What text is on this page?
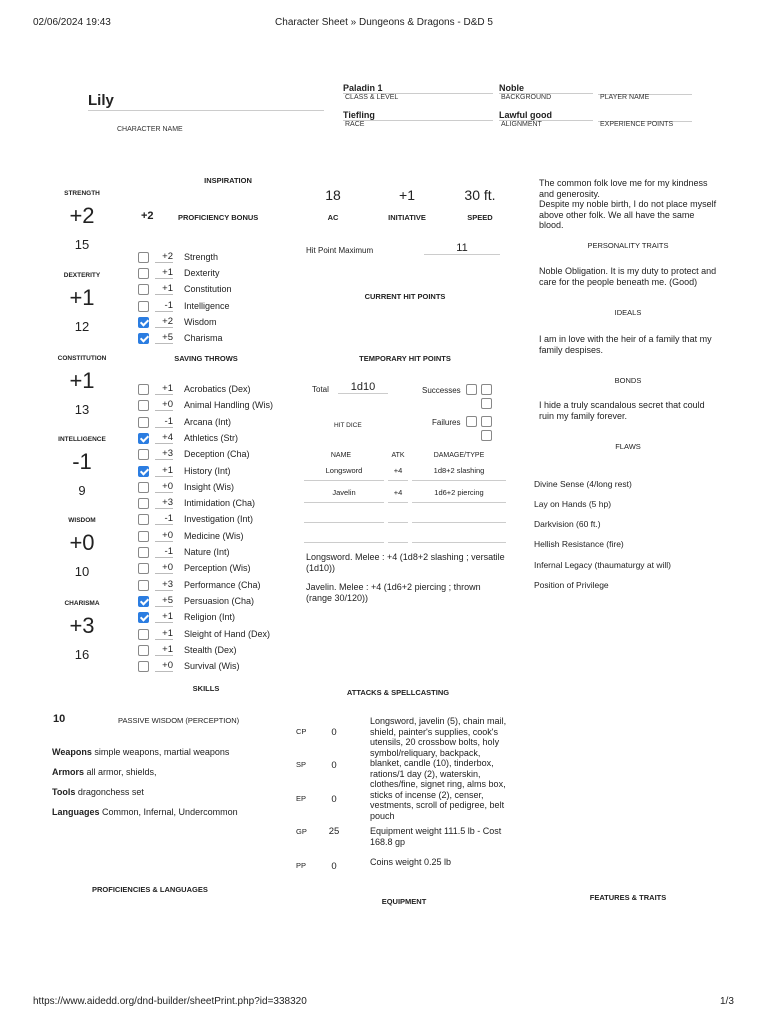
02/06/2024 19:43	Character Sheet » Dungeons & Dragons - D&D 5
https://www.aidedd.org/dnd-builder/sheetPrint.php?id=338320	1/3
Lily
CHARACTER NAME
Paladin 1
CLASS & LEVEL
Noble
BACKGROUND	PLAYER NAME
Tiefling
RACE
Lawful good
ALIGNMENT	EXPERIENCE POINTS
STRENGTH
+2
15
DEXTERITY
+1
12
CONSTITUTION
+1
13
INTELLIGENCE
-1
9
WISDOM
+0
10
CHARISMA
+3
16
INSPIRATION
+2	PROFICIENCY BONUS
+2 Strength
+1 Dexterity
+1 Constitution
-1 Intelligence
+2 Wisdom
+5 Charisma
SAVING THROWS
+1 Acrobatics (Dex)
+0 Animal Handling (Wis)
-1 Arcana (Int)
+4 Athletics (Str)
+3 Deception (Cha)
+1 History (Int)
+0 Insight (Wis)
+3 Intimidation (Cha)
-1 Investigation (Int)
+0 Medicine (Wis)
-1 Nature (Int)
+0 Perception (Wis)
+3 Performance (Cha)
+5 Persuasion (Cha)
+1 Religion (Int)
+1 Sleight of Hand (Dex)
+1 Stealth (Dex)
+0 Survival (Wis)
SKILLS
10	PASSIVE WISDOM (PERCEPTION)
Weapons simple weapons, martial weapons
Armors all armor, shields,
Tools dragonchess set
Languages Common, Infernal, Undercommon
PROFICIENCIES & LANGUAGES
18
AC
+1
INITIATIVE
30 ft.
SPEED
Hit Point Maximum	11
CURRENT HIT POINTS
TEMPORARY HIT POINTS
Total	1d10
HIT DICE
Successes
Failures
NAME	ATK	DAMAGE/TYPE
Longsword	+4	1d8+2 slashing
Javelin	+4	1d6+2 piercing
Longsword. Melee : +4 (1d8+2 slashing ; versatile (1d10))
Javelin. Melee : +4 (1d6+2 piercing ; thrown (range 30/120))
ATTACKS & SPELLCASTING
CP	0
SP	0
EP	0
GP	25
PP	0
Longsword, javelin (5), chain mail, shield, painter's supplies, cook's utensils, 20 crossbow bolts, holy symbol/reliquary, backpack, blanket, candle (10), tinderbox, rations/1 day (2), waterskin, clothes/fine, signet ring, alms box, sticks of incense (2), censer, vestments, scroll of pedigree, belt pouch
Equipment weight 111.5 lb - Cost 168.8 gp
Coins weight 0.25 lb
EQUIPMENT
The common folk love me for my kindness and generosity.
Despite my noble birth, I do not place myself above other folk. We all have the same blood.
PERSONALITY TRAITS
Noble Obligation. It is my duty to protect and care for the people beneath me. (Good)
IDEALS
I am in love with the heir of a family that my family despises.
BONDS
I hide a truly scandalous secret that could ruin my family forever.
FLAWS
Divine Sense (4/long rest)
Lay on Hands (5 hp)
Darkvision (60 ft.)
Hellish Resistance (fire)
Infernal Legacy (thaumaturgy at will)
Position of Privilege
FEATURES & TRAITS
